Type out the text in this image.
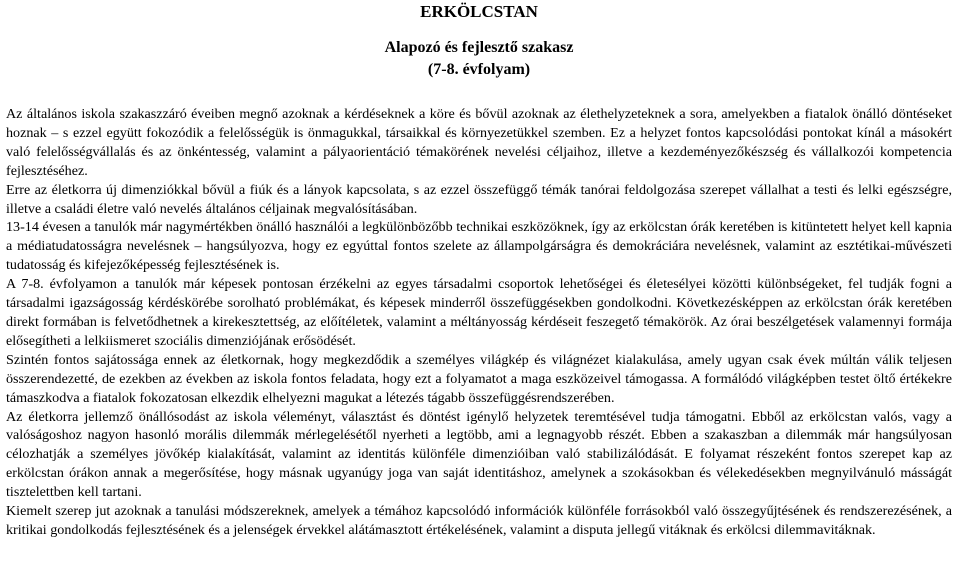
ERKÖLCSTAN
Alapozó és fejlesztő szakasz
(7-8. évfolyam)

Az általános iskola szakaszzáró éveiben megnő azoknak a kérdéseknek a köre és bővül azoknak az élethelyzeteknek a sora, amelyekben a fiatalok önálló döntéseket hoznak – s ezzel együtt fokozódik a felelősségük is önmagukkal, társaikkal és környezetükkel szemben. Ez a helyzet fontos kapcsolódási pontokat kínál a másokért való felelősségvállalás és az önkéntesség, valamint a pályaorientáció témakörének nevelési céljaihoz, illetve a kezdeményezőkészség és vállalkozói kompetencia fejlesztéséhez.

Erre az életkorra új dimenziókkal bővül a fiúk és a lányok kapcsolata, s az ezzel összefüggő témák tanórai feldolgozása szerepet vállalhat a testi és lelki egészségre, illetve a családi életre való nevelés általános céljainak megvalósításában.

13-14 évesen a tanulók már nagymértékben önálló használói a legkülönbözőbb technikai eszközöknek, így az erkölcstan órák keretében is kitüntetett helyet kell kapnia a médiatudatosságra nevelésnek – hangsúlyozva, hogy ez egyúttal fontos szelete az állampolgárságra és demokráciára nevelésnek, valamint az esztétikai-művészeti tudatosság és kifejezőképesség fejlesztésének is.

A 7-8. évfolyamon a tanulók már képesek pontosan érzékelni az egyes társadalmi csoportok lehetőségei és életesélyei közötti különbségeket, fel tudják fogni a társadalmi igazságosság kérdéskörébe sorolható problémákat, és képesek minderről összefüggésekben gondolkodni. Következésképpen az erkölcstan órák keretében direkt formában is felvetődhetnek a kirekesztettség, az előítéletek, valamint a méltányosság kérdéseit feszegető témakörök. Az órai beszélgetések valamennyi formája elősegítheti a lelkiismeret szociális dimenziójának erősödését.

Szintén fontos sajátossága ennek az életkornak, hogy megkezdődik a személyes világkép és világnézet kialakulása, amely ugyan csak évek múltán válik teljesen összerendezetté, de ezekben az években az iskola fontos feladata, hogy ezt a folyamatot a maga eszközeivel támogassa. A formálódó világképben testet öltő értékekre támaszkodva a fiatalok fokozatosan elkezdik elhelyezni magukat a létezés tágabb összefüggésrendszerében.

Az életkorra jellemző önállósodást az iskola véleményt, választást és döntést igénylő helyzetek teremtésével tudja támogatni. Ebből az erkölcstan valós, vagy a valóságoshoz nagyon hasonló morális dilemmák mérlegelésétől nyerheti a legtöbb, ami a legnagyobb részét. Ebben a szakaszban a dilemmák már hangsúlyosan célozhatják a személyes jövőkép kialakítását, valamint az identitás különféle dimenzióiban való stabilizálódását. E folyamat részeként fontos szerepet kap az erkölcstan órákon annak a megerősítése, hogy másnak ugyanúgy joga van saját identitáshoz, amelynek a szokásokban és vélekedésekben megnyilvánuló másságát tisztelettben kell tartani.

Kiemelt szerep jut azoknak a tanulási módszereknek, amelyek a témához kapcsolódó információk különféle forrásokból való összegyűjtésének és rendszerezésének, a kritikai gondolkodás fejlesztésének és a jelenségek érvekkel alátámasztott értékelésének, valamint a disputa jellegű vitáknak és erkölcsi dilemmavitáknak.
